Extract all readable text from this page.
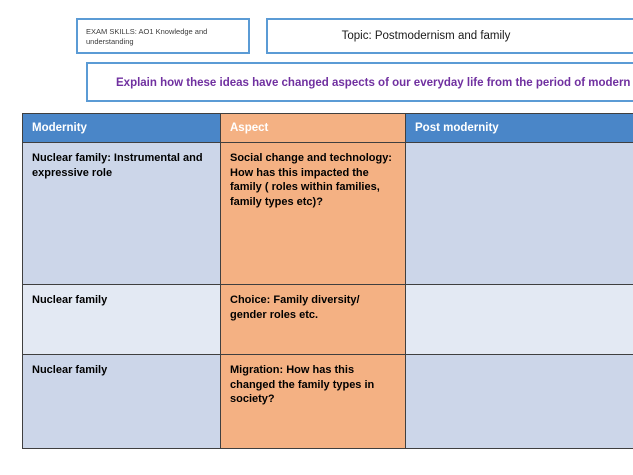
EXAM SKILLS: AO1 Knowledge and understanding	Topic: Postmodernism and family
Explain how these ideas have changed aspects of our everyday life from the period of modern
Modernity	Aspect	Post modernity

Nuclear family: Instrumental and expressive role	Social change and technology: How has this impacted the family ( roles within families, family types etc)?	

Nuclear family	Choice: Family diversity/ gender roles etc.	

Nuclear family	Migration: How has this changed the family types in society?	
